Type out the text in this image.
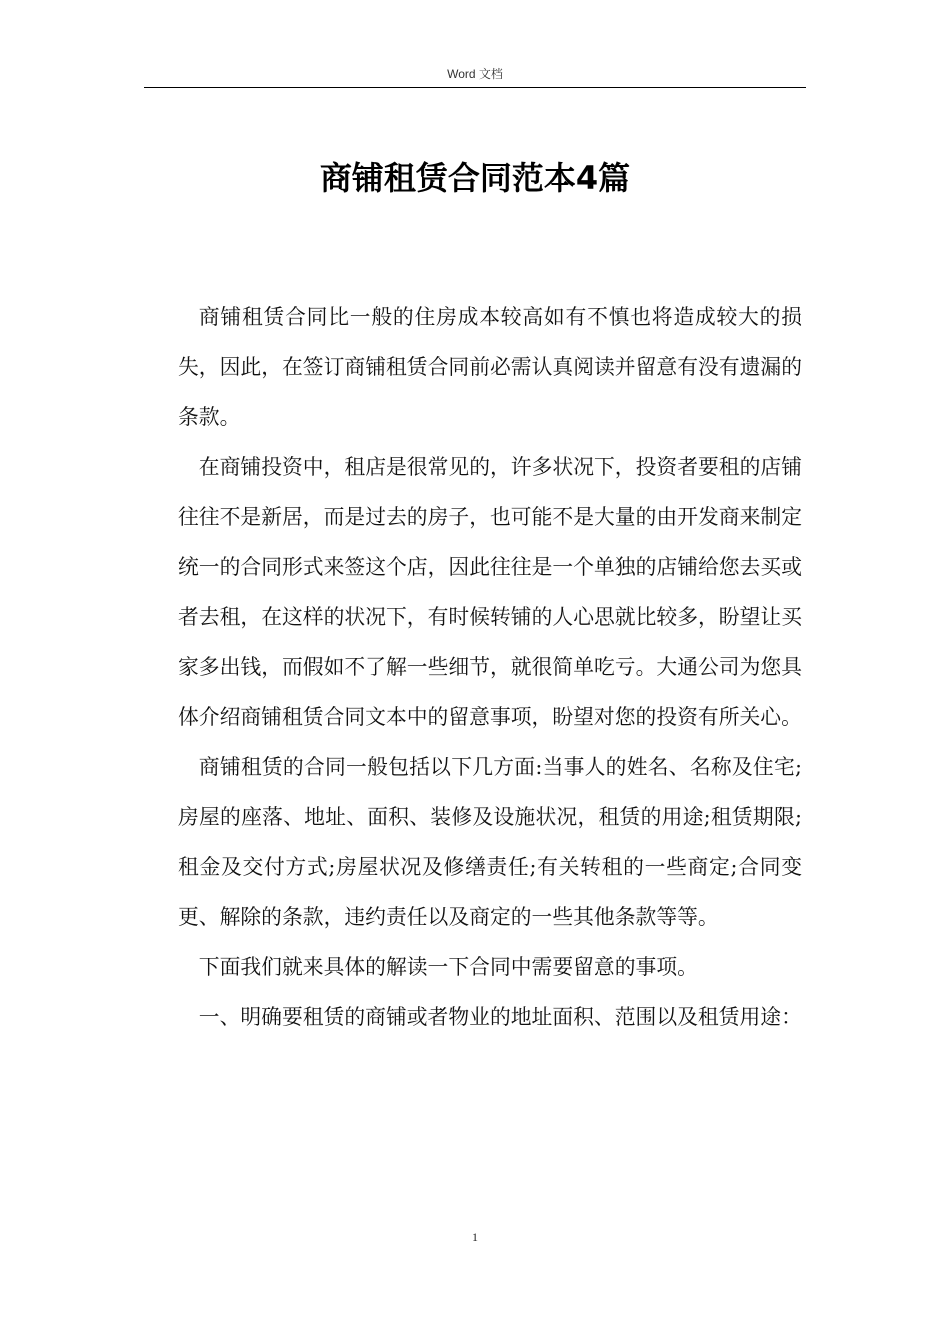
Word 文档
商铺租赁合同范本4篇

商铺租赁合同比一般的住房成本较高如有不慎也将造成较大的损失，因此，在签订商铺租赁合同前必需认真阅读并留意有没有遗漏的条款。

在商铺投资中，租店是很常见的，许多状况下，投资者要租的店铺往往不是新居，而是过去的房子，也可能不是大量的由开发商来制定统一的合同形式来签这个店，因此往往是一个单独的店铺给您去买或者去租，在这样的状况下，有时候转铺的人心思就比较多，盼望让买家多出钱，而假如不了解一些细节，就很简单吃亏。大通公司为您具体介绍商铺租赁合同文本中的留意事项，盼望对您的投资有所关心。

商铺租赁的合同一般包括以下几方面:当事人的姓名、名称及住宅;房屋的座落、地址、面积、装修及设施状况，租赁的用途;租赁期限;租金及交付方式;房屋状况及修缮责任;有关转租的一些商定;合同变更、解除的条款，违约责任以及商定的一些其他条款等等。

下面我们就来具体的解读一下合同中需要留意的事项。

一、明确要租赁的商铺或者物业的地址面积、范围以及租赁用途：

1
